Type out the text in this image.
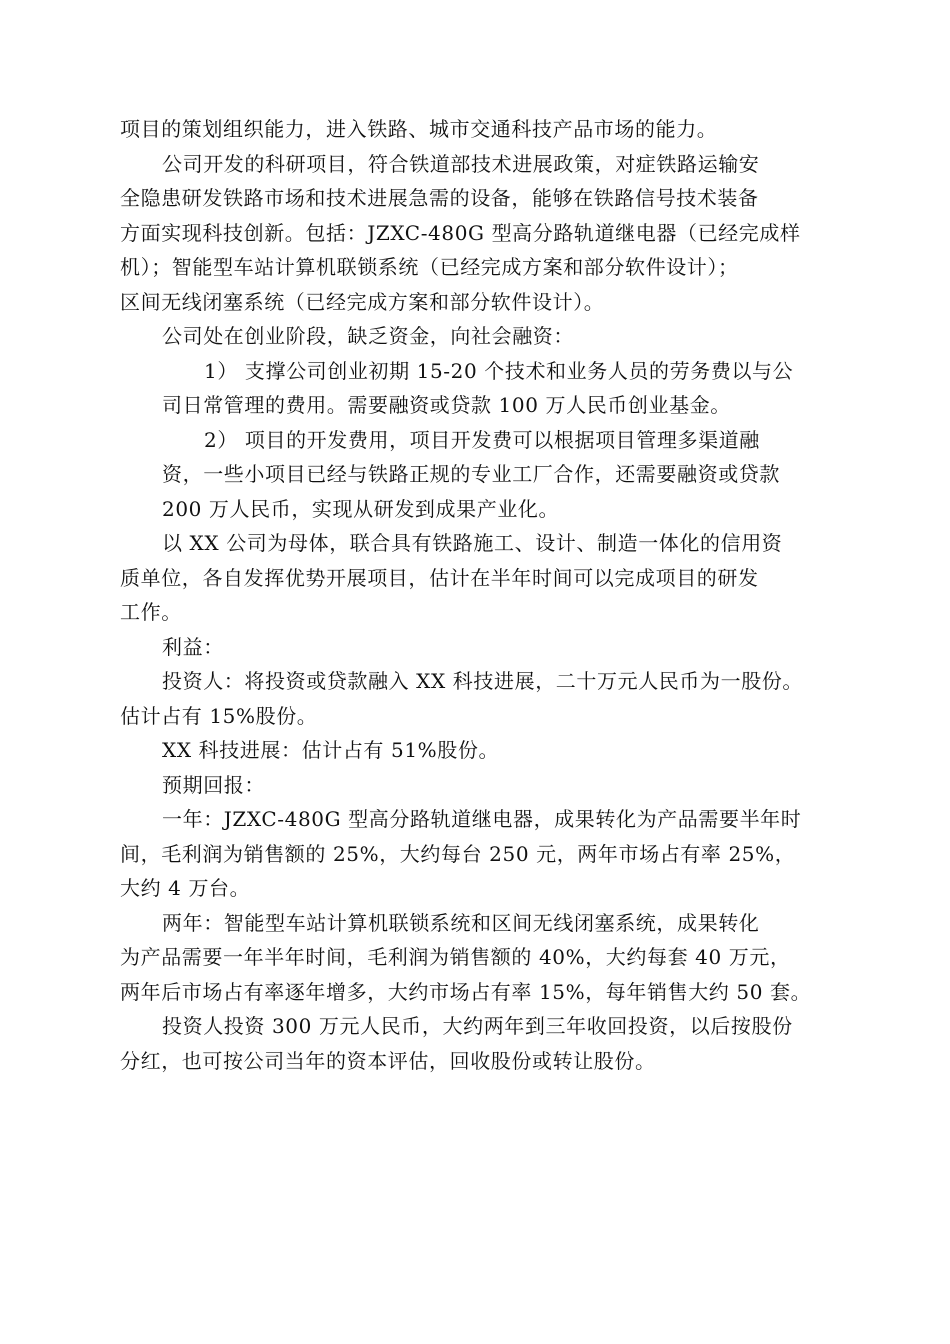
项目的策划组织能力，进入铁路、城市交通科技产品市场的能力。
公司开发的科研项目，符合铁道部技术进展政策，对症铁路运输安
全隐患研发铁路市场和技术进展急需的设备，能够在铁路信号技术装备
方面实现科技创新。包括：JZXC-480G 型高分路轨道继电器（已经完成样
机）；智能型车站计算机联锁系统（已经完成方案和部分软件设计）；
区间无线闭塞系统（已经完成方案和部分软件设计）。
公司处在创业阶段，缺乏资金，向社会融资：
1） 支撑公司创业初期 15-20 个技术和业务人员的劳务费以与公
司日常管理的费用。需要融资或贷款 100 万人民币创业基金。
2） 项目的开发费用，项目开发费可以根据项目管理多渠道融
资，一些小项目已经与铁路正规的专业工厂合作，还需要融资或贷款
200 万人民币，实现从研发到成果产业化。
以 XX 公司为母体，联合具有铁路施工、设计、制造一体化的信用资
质单位，各自发挥优势开展项目，估计在半年时间可以完成项目的研发
工作。
利益：
投资人：将投资或贷款融入 XX 科技进展，二十万元人民币为一股份。
估计占有 15%股份。
XX 科技进展：估计占有 51%股份。
预期回报：
一年：JZXC-480G 型高分路轨道继电器，成果转化为产品需要半年时
间，毛利润为销售额的 25%，大约每台 250 元，两年市场占有率 25%，
大约 4 万台。
两年：智能型车站计算机联锁系统和区间无线闭塞系统，成果转化
为产品需要一年半年时间，毛利润为销售额的 40%，大约每套 40 万元，
两年后市场占有率逐年增多，大约市场占有率 15%，每年销售大约 50 套。
投资人投资 300 万元人民币，大约两年到三年收回投资，以后按股份
分红，也可按公司当年的资本评估，回收股份或转让股份。
